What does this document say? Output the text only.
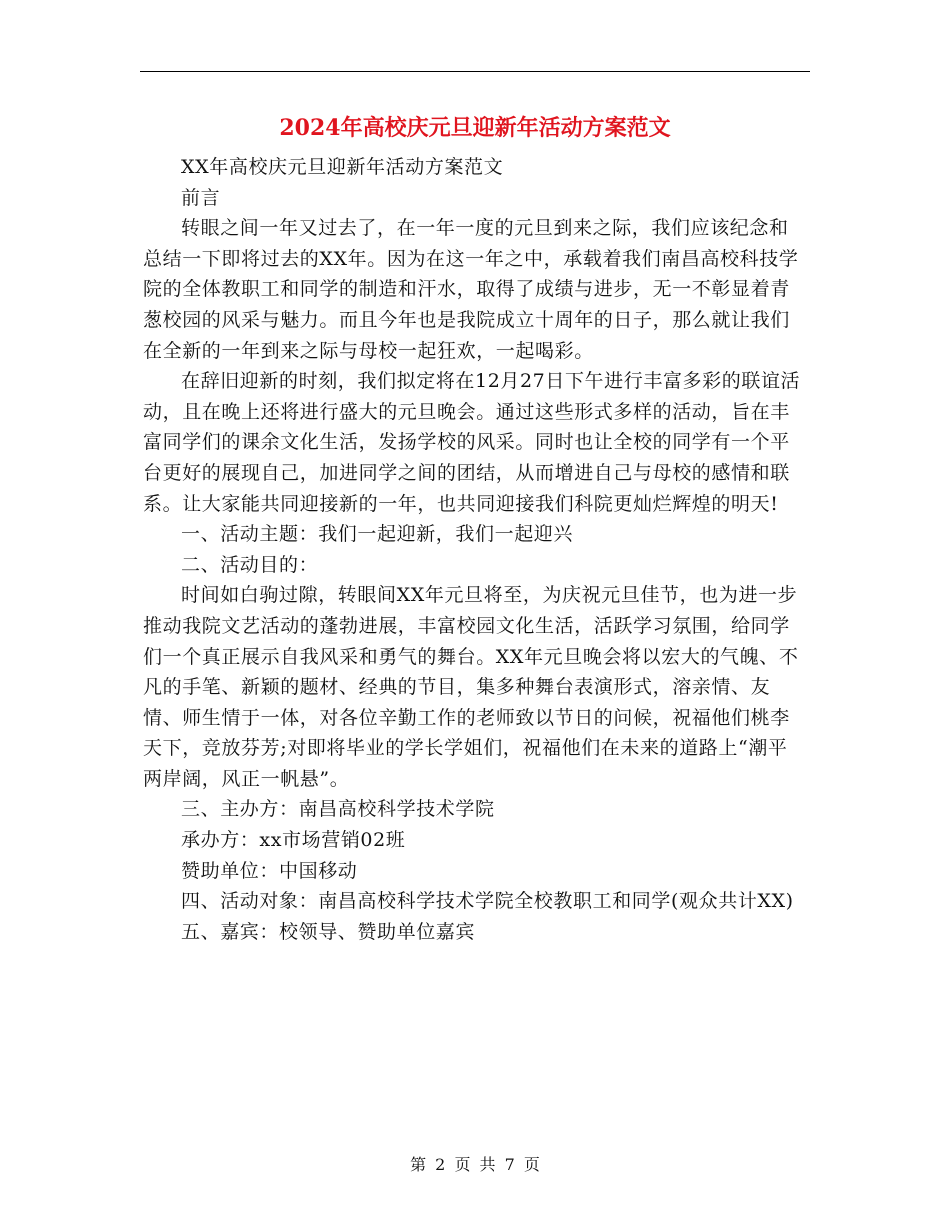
2024年高校庆元旦迎新年活动方案范文

XX年高校庆元旦迎新年活动方案范文

前言

转眼之间一年又过去了，在一年一度的元旦到来之际，我们应该纪念和总结一下即将过去的XX年。因为在这一年之中，承载着我们南昌高校科技学院的全体教职工和同学的制造和汗水，取得了成绩与进步，无一不彰显着青葱校园的风采与魅力。而且今年也是我院成立十周年的日子，那么就让我们在全新的一年到来之际与母校一起狂欢，一起喝彩。

在辞旧迎新的时刻，我们拟定将在12月27日下午进行丰富多彩的联谊活动，且在晚上还将进行盛大的元旦晚会。通过这些形式多样的活动，旨在丰富同学们的课余文化生活，发扬学校的风采。同时也让全校的同学有一个平台更好的展现自己，加进同学之间的团结，从而增进自己与母校的感情和联系。让大家能共同迎接新的一年，也共同迎接我们科院更灿烂辉煌的明天!

一、活动主题：我们一起迎新，我们一起迎兴

二、活动目的：

时间如白驹过隙，转眼间XX年元旦将至，为庆祝元旦佳节，也为进一步推动我院文艺活动的蓬勃进展，丰富校园文化生活，活跃学习氛围，给同学们一个真正展示自我风采和勇气的舞台。XX年元旦晚会将以宏大的气魄、不凡的手笔、新颖的题材、经典的节目，集多种舞台表演形式，溶亲情、友情、师生情于一体，对各位辛勤工作的老师致以节日的问候，祝福他们桃李天下，竞放芬芳;对即将毕业的学长学姐们，祝福他们在未来的道路上“潮平两岸阔，风正一帆悬”。

三、主办方：南昌高校科学技术学院

承办方：xx市场营销02班

赞助单位：中国移动

四、活动对象：南昌高校科学技术学院全校教职工和同学(观众共计XX)

五、嘉宾：校领导、赞助单位嘉宾

第 2 页 共 7 页
